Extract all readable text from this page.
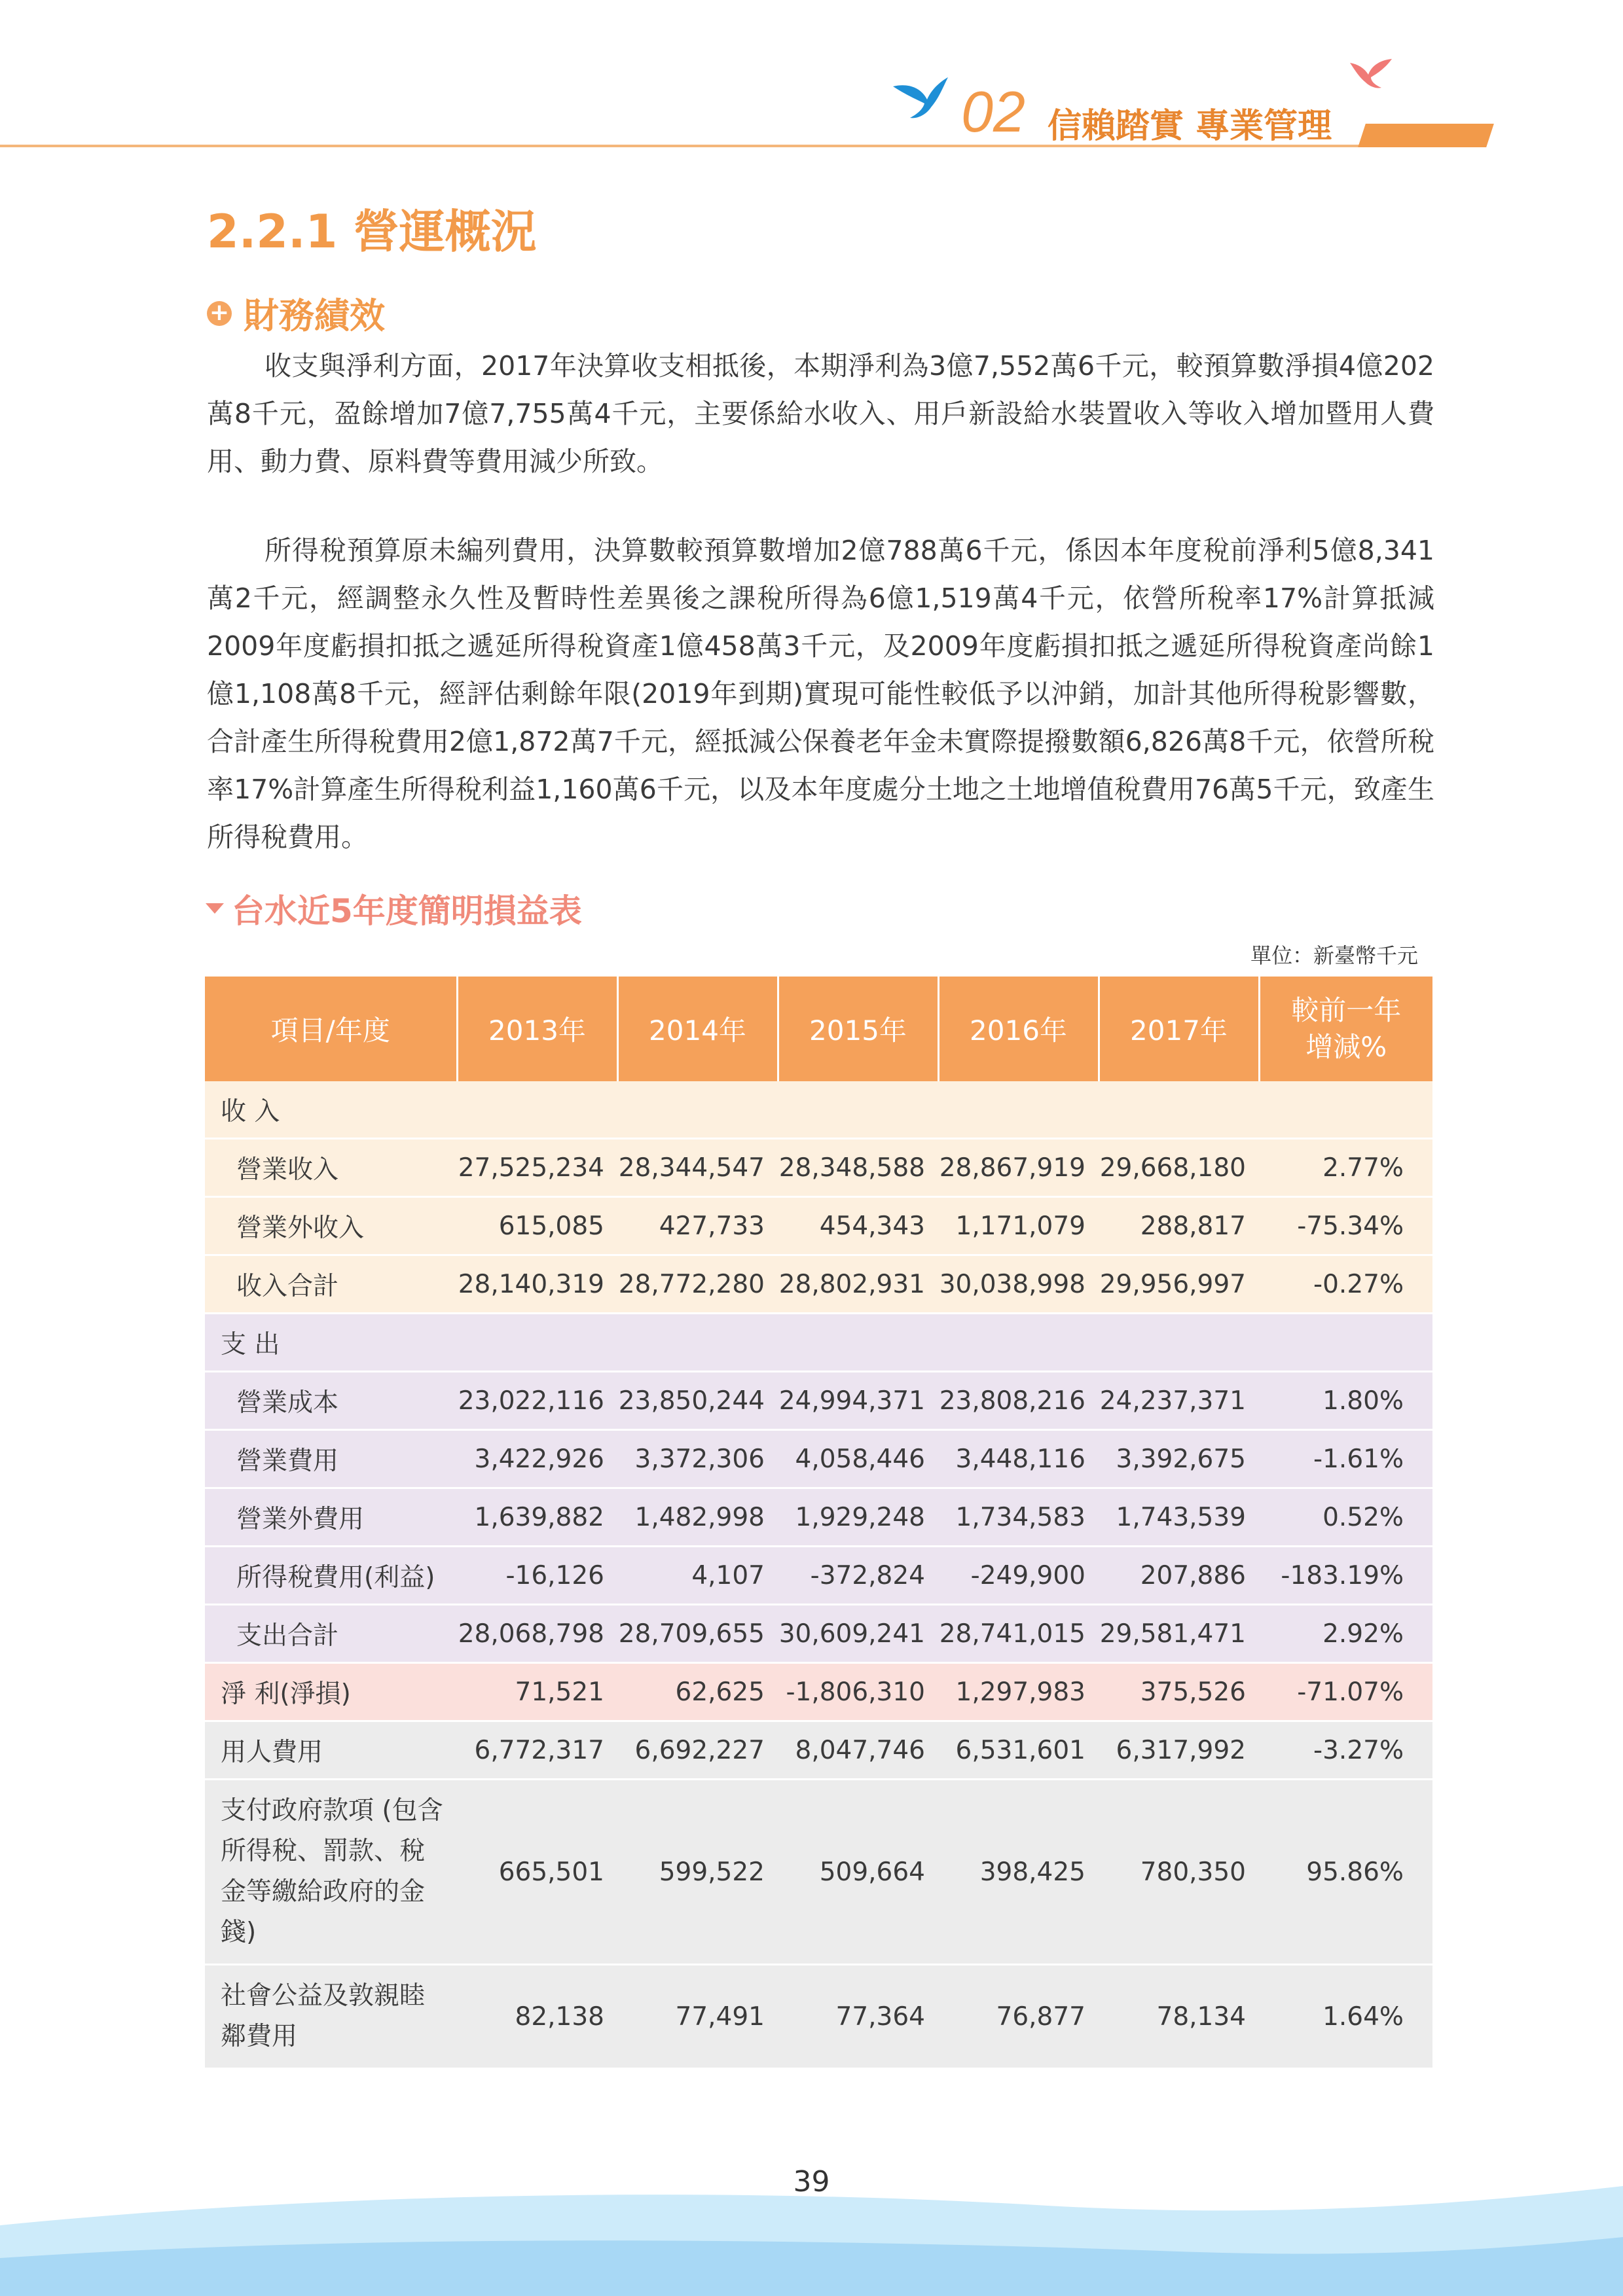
02 信賴踏實 專業管理
2.2.1 營運概況
+ 財務績效
收支與淨利方面，2017年決算收支相抵後，本期淨利為3億7,552萬6千元，較預算數淨損4億202萬8千元，盈餘增加7億7,755萬4千元，主要係給水收入、用戶新設給水裝置收入等收入增加暨用人費用、動力費、原料費等費用減少所致。
所得稅預算原未編列費用，決算數較預算數增加2億788萬6千元，係因本年度稅前淨利5億8,341萬2千元，經調整永久性及暫時性差異後之課稅所得為6億1,519萬4千元，依營所稅率17%計算抵減2009年度虧損扣抵之遞延所得稅資產1億458萬3千元，及2009年度虧損扣抵之遞延所得稅資產尚餘1億1,108萬8千元，經評估剩餘年限(2019年到期)實現可能性較低予以沖銷，加計其他所得稅影響數，合計產生所得稅費用2億1,872萬7千元，經抵減公保養老年金未實際提撥數額6,826萬8千元，依營所稅率17%計算產生所得稅利益1,160萬6千元，以及本年度處分土地之土地增值稅費用76萬5千元，致產生所得稅費用。
台水近5年度簡明損益表
單位：新臺幣千元
項目/年度	2013年	2014年	2015年	2016年	2017年	較前一年
增減%
收 入						
營業收入	27,525,234	28,344,547	28,348,588	28,867,919	29,668,180	2.77%
營業外收入	615,085	427,733	454,343	1,171,079	288,817	-75.34%
收入合計	28,140,319	28,772,280	28,802,931	30,038,998	29,956,997	-0.27%
支 出						
營業成本	23,022,116	23,850,244	24,994,371	23,808,216	24,237,371	1.80%
營業費用	3,422,926	3,372,306	4,058,446	3,448,116	3,392,675	-1.61%
營業外費用	1,639,882	1,482,998	1,929,248	1,734,583	1,743,539	0.52%
所得稅費用(利益)	-16,126	4,107	-372,824	-249,900	207,886	-183.19%
支出合計	28,068,798	28,709,655	30,609,241	28,741,015	29,581,471	2.92%
淨 利(淨損)	71,521	62,625	-1,806,310	1,297,983	375,526	-71.07%
用人費用	6,772,317	6,692,227	8,047,746	6,531,601	6,317,992	-3.27%
支付政府款項 (包含所得稅、罰款、稅金等繳給政府的金錢)	665,501	599,522	509,664	398,425	780,350	95.86%
社會公益及敦親睦鄰費用	82,138	77,491	77,364	76,877	78,134	1.64%
39
